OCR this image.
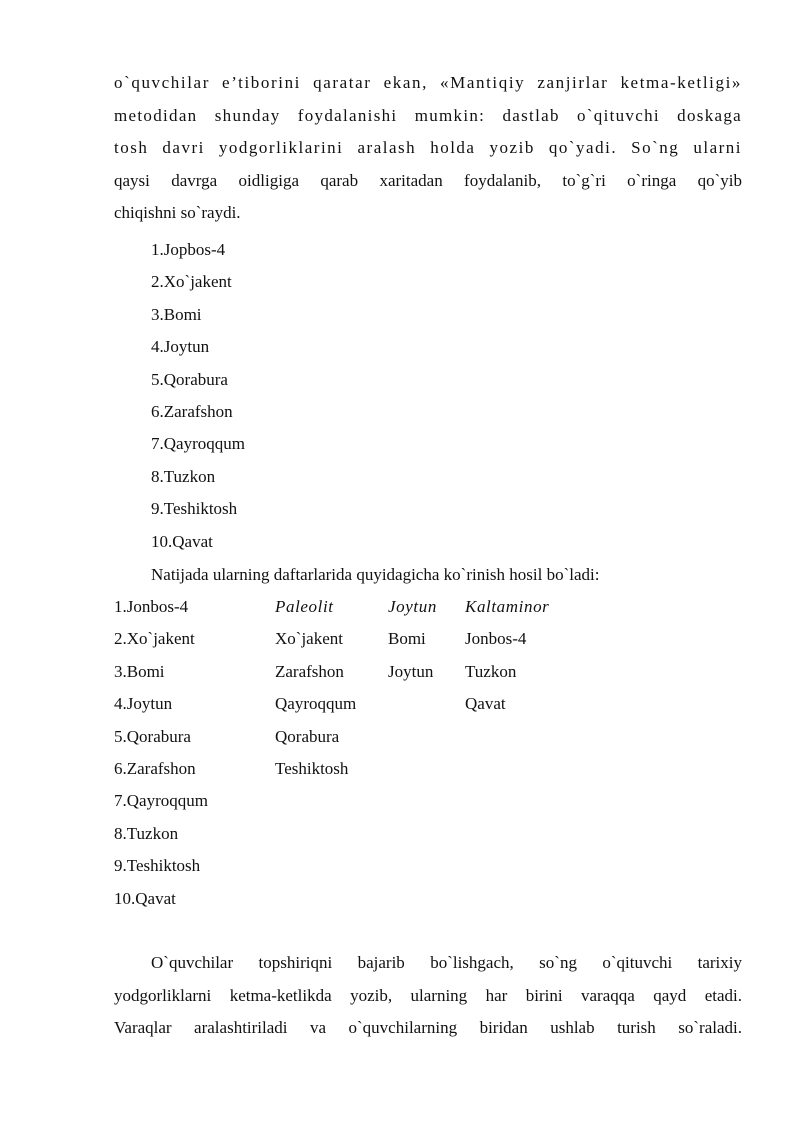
o`quvchilar e’tiborini qaratar ekan, «Mantiqiy zanjirlar ketma-ketligi»
metodidan shunday foydalanishi mumkin: dastlab o`qituvchi doskaga
tosh davri yodgorliklarini aralash holda yozib qo`yadi. So`ng ularni
qaysi davrga oidligiga qarab xaritadan foydalanib, to`g`ri o`ringa qo`yib
chiqishni so`raydi.
1.Jopbos-4
2.Xo`jakent
3.Bomi
4.Joytun
5.Qorabura
6.Zarafshon
7.Qayroqqum
8.Tuzkon
9.Teshiktosh
10.Qavat
Natijada ularning daftarlarida quyidagicha ko`rinish hosil bo`ladi:
1.Jonbos-4
2.Xo`jakent
3.Bomi
4.Joytun
5.Qorabura
6.Zarafshon
7.Qayroqqum
8.Tuzkon
9.Teshiktosh
10.Qavat
Paleolit
Xo`jakent
Zarafshon
Qayroqqum
Qorabura
Teshiktosh
Joytun
Bomi
Joytun
Kaltaminor
Jonbos-4
Tuzkon
Qavat
O`quvchilar topshiriqni bajarib bo`lishgach, so`ng o`qituvchi tarixiy
yodgorliklarni ketma-ketlikda yozib, ularning har birini varaqqa qayd etadi.
Varaqlar aralashtiriladi va o`quvchilarning biridan ushlab turish so`raladi.
